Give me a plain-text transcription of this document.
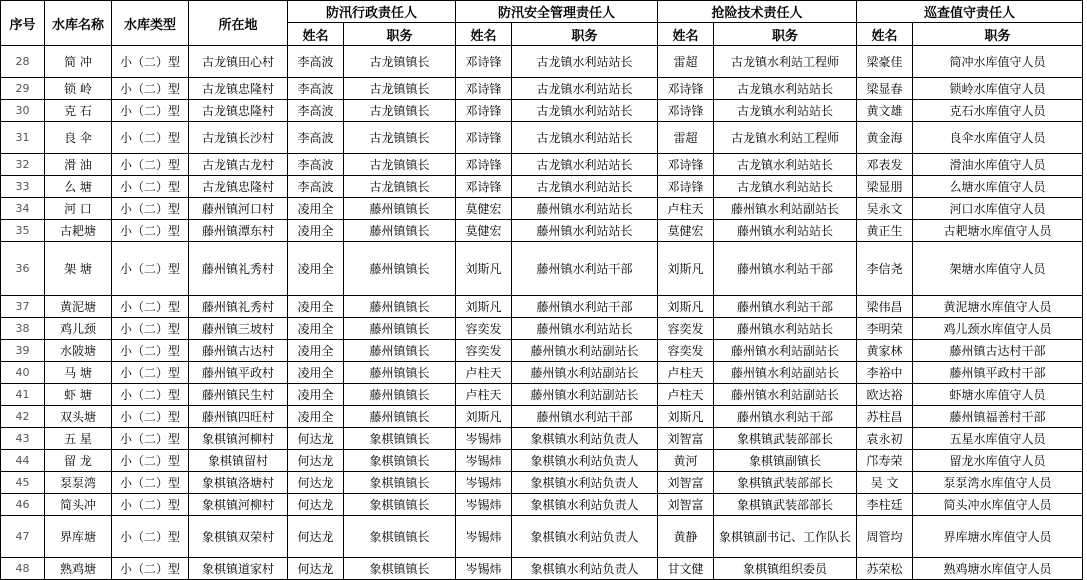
序号	水库名称	水库类型	所在地	防汛行政责任人		防汛安全管理责任人		抢险技术责任人		巡查值守责任人	
				姓名	职务	姓名	职务	姓名	职务	姓名	职务
28	简 冲	小（二）型	古龙镇田心村	李高波	古龙镇镇长	邓诗锋	古龙镇水利站站长	雷超	古龙镇水利站工程师	梁豪佳	简冲水库值守人员
29	锁 岭	小（二）型	古龙镇忠隆村	李高波	古龙镇镇长	邓诗锋	古龙镇水利站站长	邓诗锋	古龙镇水利站站长	梁显春	锁岭水库值守人员
30	克 石	小（二）型	古龙镇忠隆村	李高波	古龙镇镇长	邓诗锋	古龙镇水利站站长	邓诗锋	古龙镇水利站站长	黄文雄	克石水库值守人员
31	良 伞	小（二）型	古龙镇长沙村	李高波	古龙镇镇长	邓诗锋	古龙镇水利站站长	雷超	古龙镇水利站工程师	黄金海	良伞水库值守人员
32	滑 油	小（二）型	古龙镇古龙村	李高波	古龙镇镇长	邓诗锋	古龙镇水利站站长	邓诗锋	古龙镇水利站站长	邓表发	滑油水库值守人员
33	么 塘	小（二）型	古龙镇忠隆村	李高波	古龙镇镇长	邓诗锋	古龙镇水利站站长	邓诗锋	古龙镇水利站站长	梁显朋	么塘水库值守人员
34	河 口	小（二）型	藤州镇河口村	凌用全	藤州镇镇长	莫健宏	藤州镇水利站站长	卢柱天	藤州镇水利站副站长	吴永文	河口水库值守人员
35	古耙塘	小（二）型	藤州镇潭东村	凌用全	藤州镇镇长	莫健宏	藤州镇水利站站长	莫健宏	藤州镇水利站站长	黄正生	古耙塘水库值守人员
36	架 塘	小（二）型	藤州镇礼秀村	凌用全	藤州镇镇长	刘斯凡	藤州镇水利站干部	刘斯凡	藤州镇水利站干部	李信尧	架塘水库值守人员
37	黄泥塘	小（二）型	藤州镇礼秀村	凌用全	藤州镇镇长	刘斯凡	藤州镇水利站干部	刘斯凡	藤州镇水利站干部	梁伟昌	黄泥塘水库值守人员
38	鸡儿颈	小（二）型	藤州镇三坡村	凌用全	藤州镇镇长	容奕发	藤州镇水利站站长	容奕发	藤州镇水利站站长	李明荣	鸡儿颈水库值守人员
39	水陂塘	小（二）型	藤州镇古达村	凌用全	藤州镇镇长	容奕发	藤州镇水利站副站长	容奕发	藤州镇水利站副站长	黄家林	藤州镇古达村干部
40	马 塘	小（二）型	藤州镇平政村	凌用全	藤州镇镇长	卢柱天	藤州镇水利站副站长	卢柱天	藤州镇水利站副站长	李裕中	藤州镇平政村干部
41	虾 塘	小（二）型	藤州镇民生村	凌用全	藤州镇镇长	卢柱天	藤州镇水利站副站长	卢柱天	藤州镇水利站副站长	欧达裕	虾塘水库值守人员
42	双头塘	小（二）型	藤州镇四旺村	凌用全	藤州镇镇长	刘斯凡	藤州镇水利站干部	刘斯凡	藤州镇水利站干部	苏柱昌	藤州镇福善村干部
43	五 星	小（二）型	象棋镇河柳村	何达龙	象棋镇镇长	岑锡炜	象棋镇水利站负责人	刘智富	象棋镇武装部部长	袁永初	五星水库值守人员
44	留 龙	小（二）型	象棋镇留村	何达龙	象棋镇镇长	岑锡炜	象棋镇水利站负责人	黄河	象棋镇副镇长	邝寿荣	留龙水库值守人员
45	泵泵湾	小（二）型	象棋镇洛塘村	何达龙	象棋镇镇长	岑锡炜	象棋镇水利站负责人	刘智富	象棋镇武装部部长	吴 文	泵泵湾水库值守人员
46	简头冲	小（二）型	象棋镇河柳村	何达龙	象棋镇镇长	岑锡炜	象棋镇水利站负责人	刘智富	象棋镇武装部部长	李柱廷	简头冲水库值守人员
47	界库塘	小（二）型	象棋镇双荣村	何达龙	象棋镇镇长	岑锡炜	象棋镇水利站负责人	黄静	象棋镇副书记、工作队长	周管均	界库塘水库值守人员
48	熟鸡塘	小（二）型	象棋镇道家村	何达龙	象棋镇镇长	岑锡炜	象棋镇水利站负责人	甘文健	象棋镇组织委员	苏荣松	熟鸡塘水库值守人员
